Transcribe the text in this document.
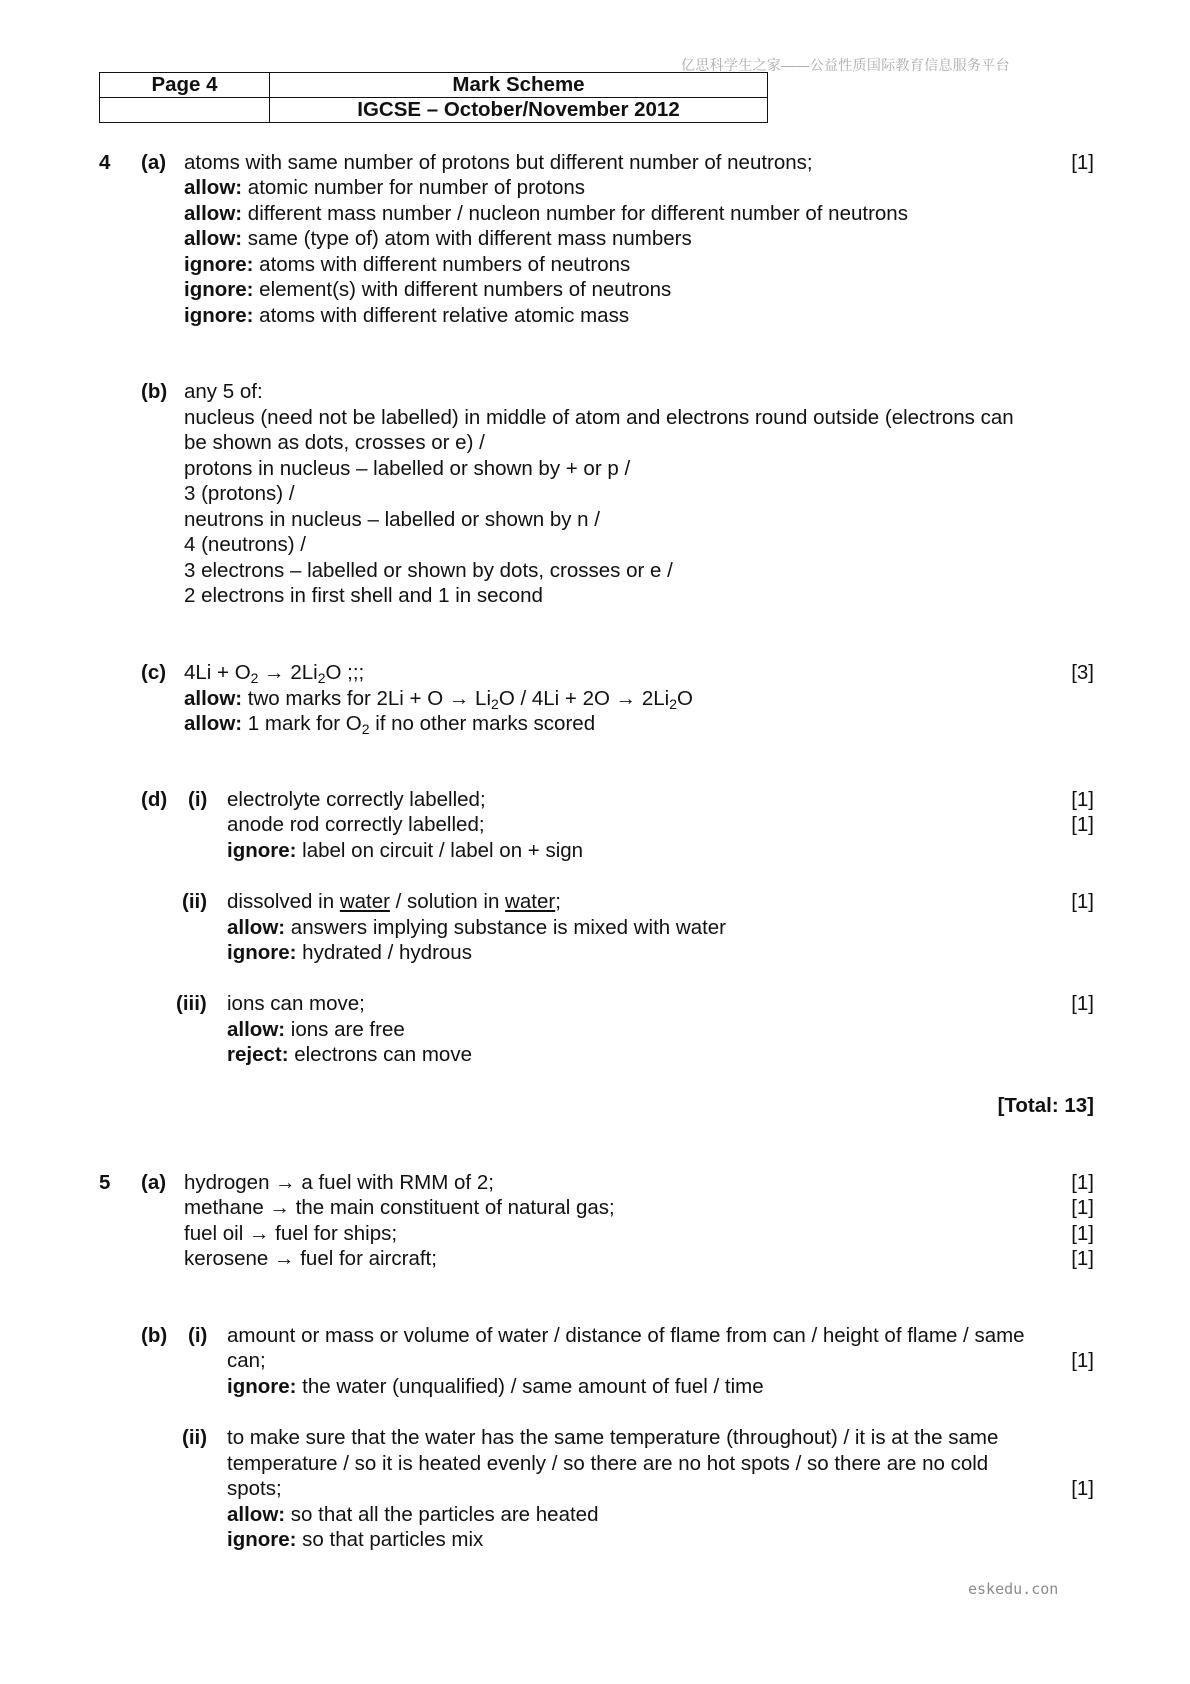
亿思科学生之家——公益性质国际教育信息服务平台
Page 4	Mark Scheme
	IGCSE – October/November 2012
4 (a) atoms with same number of protons but different number of neutrons;	[1]
allow: atomic number for number of protons
allow: different mass number / nucleon number for different number of neutrons
allow: same (type of) atom with different mass numbers
ignore: atoms with different numbers of neutrons
ignore: element(s) with different numbers of neutrons
ignore: atoms with different relative atomic mass
(b) any 5 of:
nucleus (need not be labelled) in middle of atom and electrons round outside (electrons can
be shown as dots, crosses or e) /
protons in nucleus – labelled or shown by + or p /
3 (protons) /
neutrons in nucleus – labelled or shown by n /
4 (neutrons) /
3 electrons – labelled or shown by dots, crosses or e /
2 electrons in first shell and 1 in second
(c) $4Li + O_2 \to 2Li_2O$ ;;;	[3]
allow: two marks for $2Li + O \to Li_2O / 4Li + 2O \to 2Li_2O$
allow: 1 mark for $O_2$ if no other marks scored
(d) (i) electrolyte correctly labelled;	[1]
anode rod correctly labelled;	[1]
ignore: label on circuit / label on + sign
(ii) dissolved in water / solution in water;	[1]
allow: answers implying substance is mixed with water
ignore: hydrated / hydrous
(iii) ions can move;	[1]
allow: ions are free
reject: electrons can move
[Total: 13]
5 (a) hydrogen → a fuel with RMM of 2;	[1]
methane → the main constituent of natural gas;	[1]
fuel oil → fuel for ships;	[1]
kerosene → fuel for aircraft;	[1]
(b) (i) amount or mass or volume of water / distance of flame from can / height of flame / same
can;	[1]
ignore: the water (unqualified) / same amount of fuel / time
(ii) to make sure that the water has the same temperature (throughout) / it is at the same
temperature / so it is heated evenly / so there are no hot spots / so there are no cold
spots;	[1]
allow: so that all the particles are heated
ignore: so that particles mix
eskedu.con
